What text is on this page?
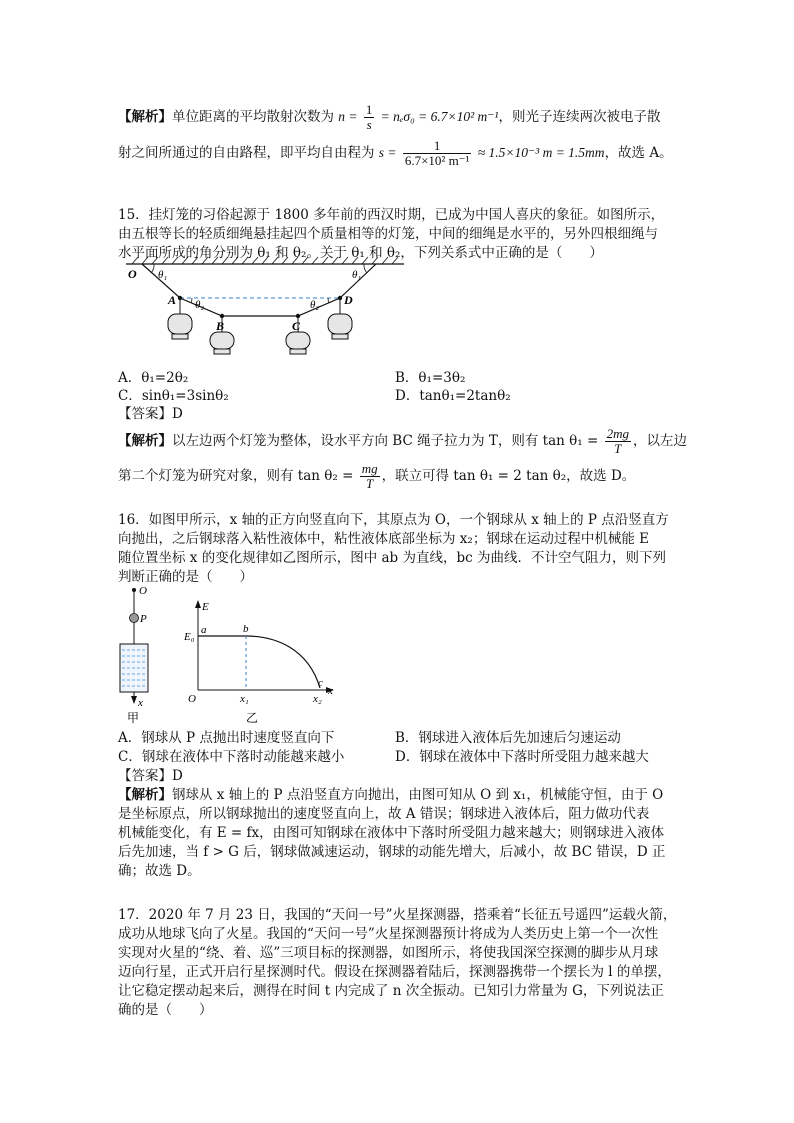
【解析】单位距离的平均散射次数为 $n = \frac{1}{s} = n_e\sigma_0 = 6.7\times 10^2$ m⁻¹，则光子连续两次被电子散
射之间所通过的自由路程，即平均自由程为 $s = \frac{1}{\text{6.7×10² m⁻¹}} \approx 1.5\times 10^{-3}$ m = 1.5mm，故选 A。
15．挂灯笼的习俗起源于 1800 多年前的西汉时期，已成为中国人喜庆的象征。如图所示，
由五根等长的轻质细绳悬挂起四个质量相等的灯笼，中间的细绳是水平的，另外四根细绳与
水平面所成的角分别为 θ₁ 和 θ₂。关于 θ₁ 和 θ₂，下列关系式中正确的是（　　）
O θ₁	θ₁
A	D
θ₂	θ₂
B	C
A．θ₁=2θ₂	B．θ₁=3θ₂
C．sinθ₁=3sinθ₂	D．tanθ₁=2tanθ₂
【答案】D
【解析】以左边两个灯笼为整体，设水平方向 BC 绳子拉力为 T，则有 $\tan \theta_1 = \frac{2mg}{T}$ ，以左边
第二个灯笼为研究对象，则有 $\tan \theta_2 = \frac{mg}{T}$ ，联立可得 tan θ₁ = 2 tan θ₂，故选 D。
16．如图甲所示，x 轴的正方向竖直向下，其原点为 O，一个钢球从 x 轴上的 P 点沿竖直方
向抛出，之后钢球落入粘性液体中，粘性液体底部坐标为 x₂；钢球在运动过程中机械能 E
随位置坐标 x 的变化规律如乙图所示，图中 ab 为直线，bc 为曲线．不计空气阻力，则下列
判断正确的是（　　）
O
P
x
甲
E
E₀
a	b
c
O	x₁	x₂
x
乙
A．钢球从 P 点抛出时速度竖直向下	B．钢球进入液体后先加速后匀速运动
C．钢球在液体中下落时动能越来越小	D．钢球在液体中下落时所受阻力越来越大
【答案】D
【解析】钢球从 x 轴上的 P 点沿竖直方向抛出，由图可知从 O 到 x₁，机械能守恒，由于 O
是坐标原点，所以钢球抛出的速度竖直向上，故 A 错误；钢球进入液体后，阻力做功代表
机械能变化，有 E = fx，由图可知钢球在液体中下落时所受阻力越来越大；则钢球进入液体
后先加速，当 f > G 后，钢球做减速运动，钢球的动能先增大，后减小，故 BC 错误，D 正
确；故选 D。
17．2020 年 7 月 23 日，我国的“天问一号”火星探测器，搭乘着“长征五号遥四”运载火箭，
成功从地球飞向了火星。我国的“天问一号”火星探测器预计将成为人类历史上第一个一次性
实现对火星的“绕、着、巡”三项目标的探测器，如图所示，将使我国深空探测的脚步从月球
迈向行星，正式开启行星探测时代。假设在探测器着陆后，探测器携带一个摆长为 l 的单摆，
让它稳定摆动起来后，测得在时间 t 内完成了 n 次全振动。已知引力常量为 G，下列说法正
确的是（　　）
